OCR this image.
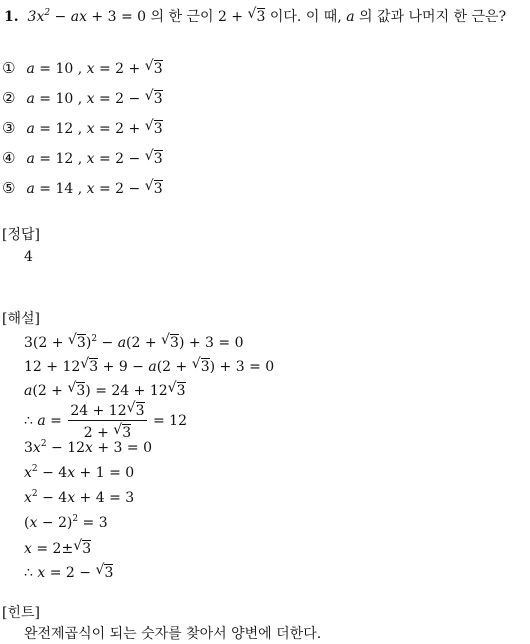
1. $3x^2$ − ax + 3 = 0 의 한 근이 2 + √ 3 이다. 이 때, a 의 값과 나머지 한 근은?
① a = 10 , x = 2 + √ 3
② a = 10 , x = 2 − √ 3
③ a = 12 , x = 2 + √ 3
④ a = 12 , x = 2 − √ 3
⑤ a = 14 , x = 2 − √ 3
[정답]
4
[해설]
3(2 + √ 3)$^2$ − a(2 + √ 3) + 3 = 0
12 + 12 √ 3 + 9 − a(2 + √ 3) + 3 = 0
a(2 + √ 3) = 24 + 12 √ 3
∴ $a = \frac{24 + 12 √ 3}{2 + √ 3} = 12$
$3x^2 - 12x + 3 = 0$
$x^2 - 4x + 1 = 0$
$x^2 - 4x + 4 = 3$
$(x - 2)^2 = 3$
x = 2± √ 3
∴ x = 2 − √ 3
[힌트]
완전제곱식이 되는 숫자를 찾아서 양변에 더한다.
